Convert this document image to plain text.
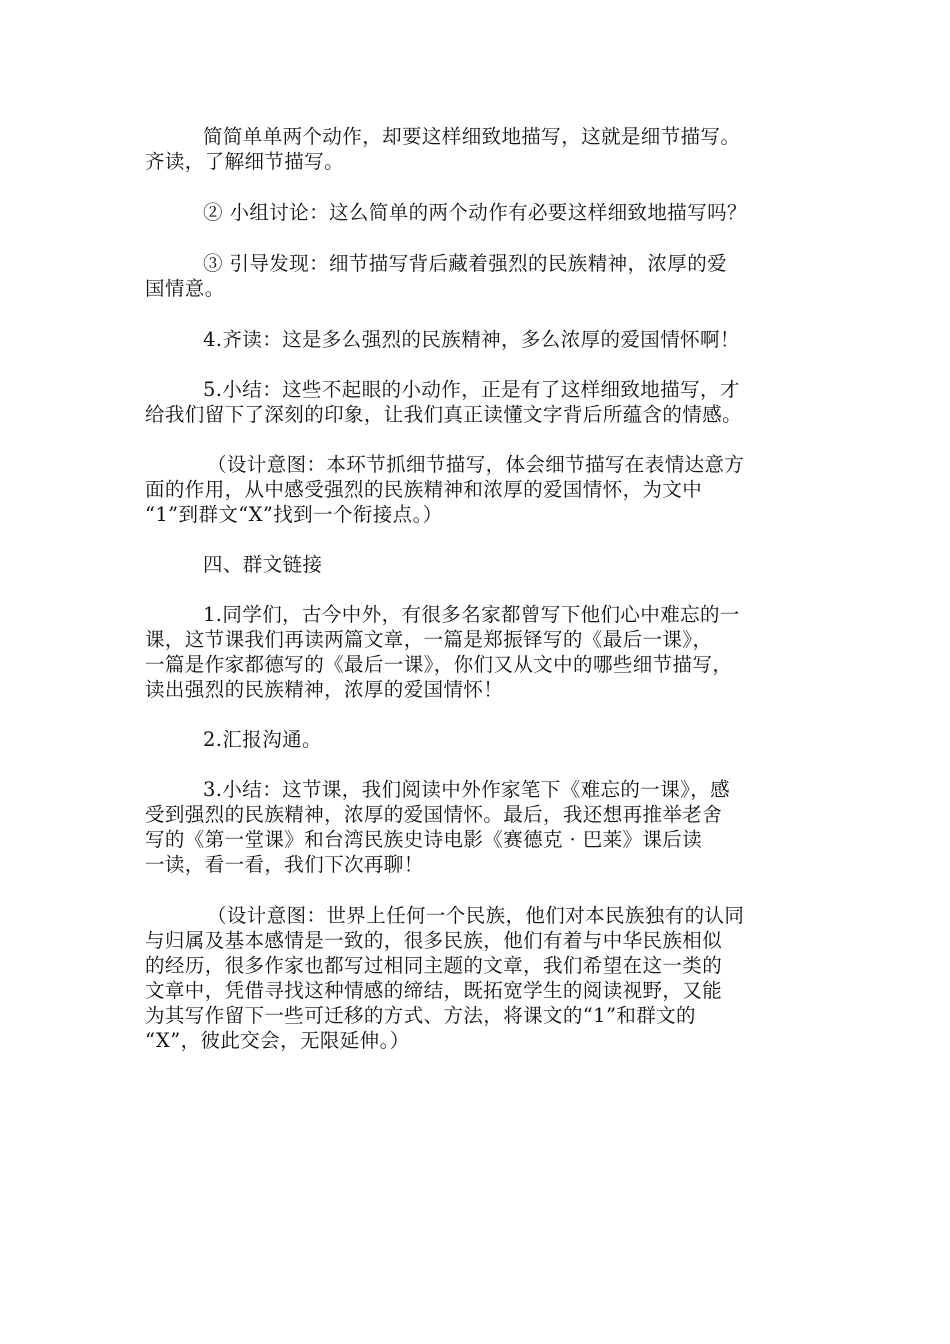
简简单单两个动作，却要这样细致地描写，这就是细节描写。
齐读，了解细节描写。

② 小组讨论：这么简单的两个动作有必要这样细致地描写吗？

③ 引导发现：细节描写背后藏着强烈的民族精神，浓厚的爱
国情意。

4.齐读：这是多么强烈的民族精神，多么浓厚的爱国情怀啊！

5.小结：这些不起眼的小动作，正是有了这样细致地描写，才
给我们留下了深刻的印象，让我们真正读懂文字背后所蕴含的情感。

（设计意图：本环节抓细节描写，体会细节描写在表情达意方
面的作用，从中感受强烈的民族精神和浓厚的爱国情怀，为文中
“1”到群文“X”找到一个衔接点。）

四、群文链接

1.同学们，古今中外，有很多名家都曾写下他们心中难忘的一
课，这节课我们再读两篇文章，一篇是郑振铎写的《最后一课》，
一篇是作家都德写的《最后一课》，你们又从文中的哪些细节描写，
读出强烈的民族精神，浓厚的爱国情怀！

2.汇报沟通。

3.小结：这节课，我们阅读中外作家笔下《难忘的一课》，感
受到强烈的民族精神，浓厚的爱国情怀。最后，我还想再推举老舍
写的《第一堂课》和台湾民族史诗电影《赛德克 · 巴莱》课后读
一读，看一看，我们下次再聊！

（设计意图：世界上任何一个民族，他们对本民族独有的认同
与归属及基本感情是一致的，很多民族，他们有着与中华民族相似
的经历，很多作家也都写过相同主题的文章，我们希望在这一类的
文章中，凭借寻找这种情感的缔结，既拓宽学生的阅读视野，又能
为其写作留下一些可迁移的方式、方法，将课文的“1”和群文的
“X”，彼此交会，无限延伸。）
